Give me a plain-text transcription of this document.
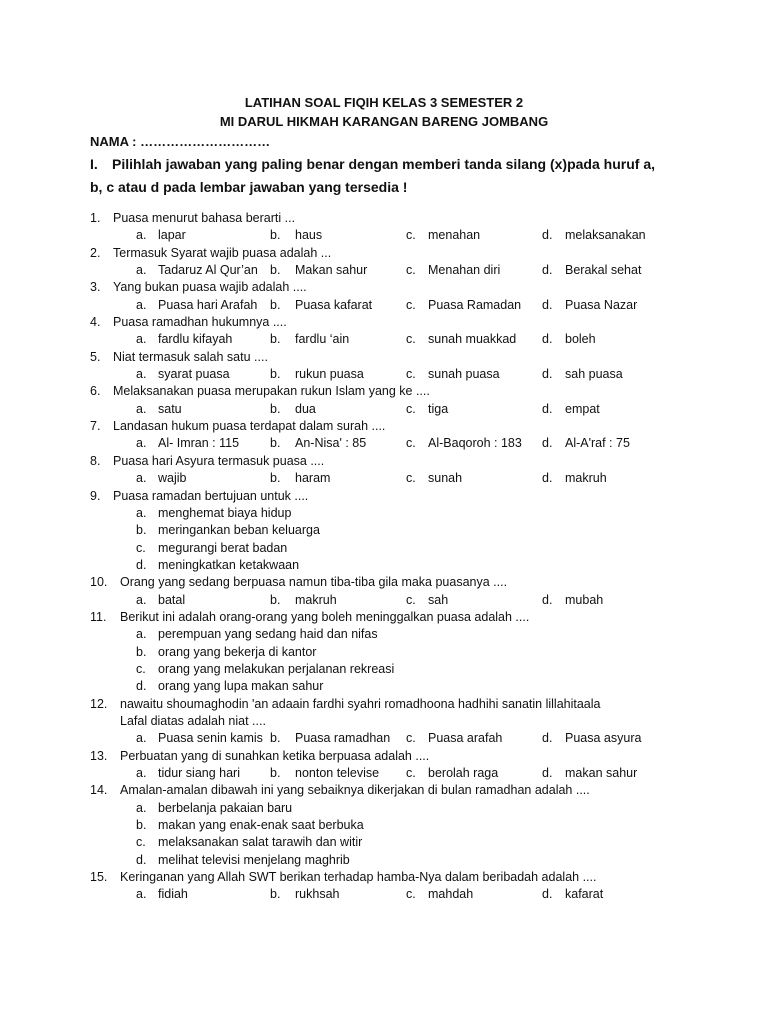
LATIHAN SOAL FIQIH KELAS 3 SEMESTER 2
MI DARUL HIKMAH KARANGAN BARENG JOMBANG
NAMA : …………………………
I. Pilihlah jawaban yang paling benar dengan memberi tanda silang (x)pada huruf a, b, c atau d pada lembar jawaban yang tersedia !
1. Puasa menurut bahasa berarti ...
a. lapar	b. haus	c. menahan	d. melaksanakan
2. Termasuk Syarat wajib puasa adalah ...
a. Tadaruz Al Qur’an b. Makan sahur	c. Menahan diri	d. Berakal sehat
3. Yang bukan puasa wajib adalah ....
a. Puasa hari Arafah b. Puasa kafarat	c. Puasa Ramadan d. Puasa Nazar
4. Puasa ramadhan hukumnya ....
a. fardlu kifayah	b. fardlu ‘ain	c. sunah muakkad d. boleh
5. Niat termasuk salah satu ....
a. syarat puasa	b. rukun puasa	c. sunah puasa	d. sah puasa
6. Melaksanakan puasa merupakan rukun Islam yang ke ....
a. satu	b. dua	c. tiga	d. empat
7. Landasan hukum puasa terdapat dalam surah ....
a. Al- Imran : 115 b. An-Nisa' : 85	c. Al-Baqoroh : 183 d. Al-A'raf : 75
8. Puasa hari Asyura termasuk puasa ....
a. wajib	b. haram	c. sunah	d. makruh
9. Puasa ramadan bertujuan untuk ....
a. menghemat biaya hidup
b. meringankan beban keluarga
c. megurangi berat badan
d. meningkatkan ketakwaan
10. Orang yang sedang berpuasa namun tiba-tiba gila maka puasanya ....
a. batal	b. makruh	c. sah	d. mubah
11. Berikut ini adalah orang-orang yang boleh meninggalkan puasa adalah ....
a. perempuan yang sedang haid dan nifas
b. orang yang bekerja di kantor
c. orang yang melakukan perjalanan rekreasi
d. orang yang lupa makan sahur
12. nawaitu shoumaghodin 'an adaain fardhi syahri romadhoona hadhihi sanatin lillahitaala
Lafal diatas adalah niat ....
a. Puasa senin kamis b. Puasa ramadhan c. Puasa arafah	d. Puasa asyura
13. Perbuatan yang di sunahkan ketika berpuasa adalah ....
a. tidur siang hari b. nonton televise c. berolah raga	d. makan sahur
14. Amalan-amalan dibawah ini yang sebaiknya dikerjakan di bulan ramadhan adalah ....
a. berbelanja pakaian baru
b. makan yang enak-enak saat berbuka
c. melaksanakan salat tarawih dan witir
d. melihat televisi menjelang maghrib
15. Keringanan yang Allah SWT berikan terhadap hamba-Nya dalam beribadah adalah ....
a. fidiah	b. rukhsah	c. mahdah	d. kafarat
